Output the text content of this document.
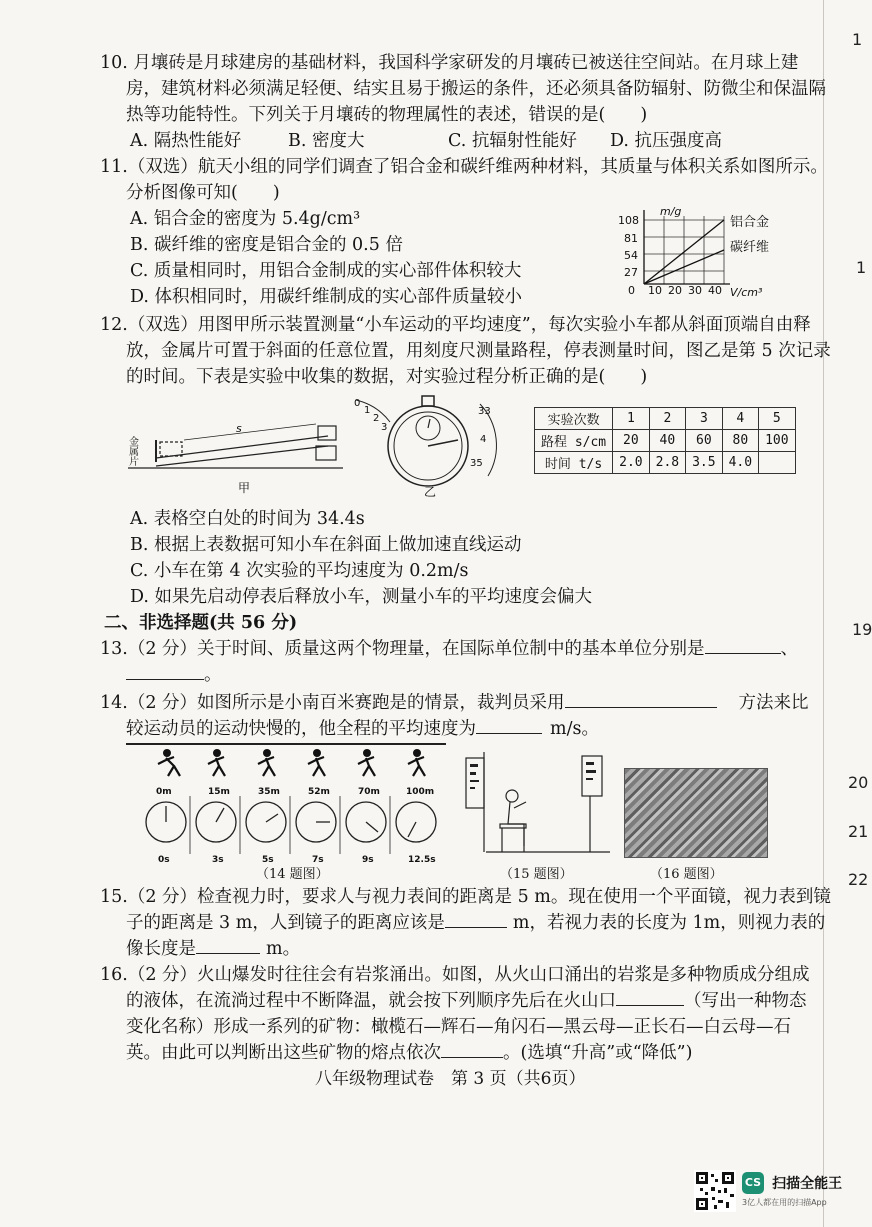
1
1
19
20
21
22
10. 月壤砖是月球建房的基础材料，我国科学家研发的月壤砖已被送往空间站。在月球上建
房，建筑材料必须满足轻便、结实且易于搬运的条件，还必须具备防辐射、防微尘和保温隔
热等功能特性。下列关于月壤砖的物理属性的表述，错误的是(　　)
A. 隔热性能好	B. 密度大	C. 抗辐射性能好 D. 抗压强度高
11.（双选）航天小组的同学们调查了铝合金和碳纤维两种材料，其质量与体积关系如图所示。
分析图像可知(　　)
A. 铝合金的密度为 5.4g/cm³
B. 碳纤维的密度是铝合金的 0.5 倍
C. 质量相同时，用铝合金制成的实心部件体积较大
D. 体积相同时，用碳纤维制成的实心部件质量较小
m/g
108
81
54
27
0 10 20 30 40 V/cm³
铝合金
碳纤维
12.（双选）用图甲所示装置测量“小车运动的平均速度”，每次实验小车都从斜面顶端自由释
放，金属片可置于斜面的任意位置，用刻度尺测量路程，停表测量时间，图乙是第 5 次记录
的时间。下表是实验中收集的数据，对实验过程分析正确的是(　　)
s
金属片
甲
0
1
2
3
33
4
35
乙
实验次数	1	2	3	4	5
路程 s/cm	20	40	60	80	100
时间 t/s	2.0	2.8	3.5	4.0	
A. 表格空白处的时间为 34.4s
B. 根据上表数据可知小车在斜面上做加速直线运动
C. 小车在第 4 次实验的平均速度为 0.2m/s
D. 如果先启动停表后释放小车，测量小车的平均速度会偏大
二、非选择题(共 56 分)
13.（2 分）关于时间、质量这两个物理量，在国际单位制中的基本单位分别是	、
。
14.（2 分）如图所示是小南百米赛跑是的情景，裁判员采用	方法来比
较运动员的运动快慢的，他全程的平均速度为	m/s。
0m	15m	35m	52m	70m	100m
0s	3s	5s	7s	9s	12.5s
（14 题图）	（15 题图）	（16 题图）
15.（2 分）检查视力时，要求人与视力表间的距离是 5 m。现在使用一个平面镜，视力表到镜
子的距离是 3 m，人到镜子的距离应该是	m，若视力表的长度为 1m，则视力表的
像长度是	m。
16.（2 分）火山爆发时往往会有岩浆涌出。如图，从火山口涌出的岩浆是多种物质成分组成
的液体，在流淌过程中不断降温，就会按下列顺序先后在火山口	（写出一种物态
变化名称）形成一系列的矿物：橄榄石—辉石—角闪石—黑云母—正长石—白云母—石
英。由此可以判断出这些矿物的熔点依次	。(选填“升高”或“降低”)
八年级物理试卷　第 3 页（共6页）
CS 扫描全能王
3亿人都在用的扫描App
